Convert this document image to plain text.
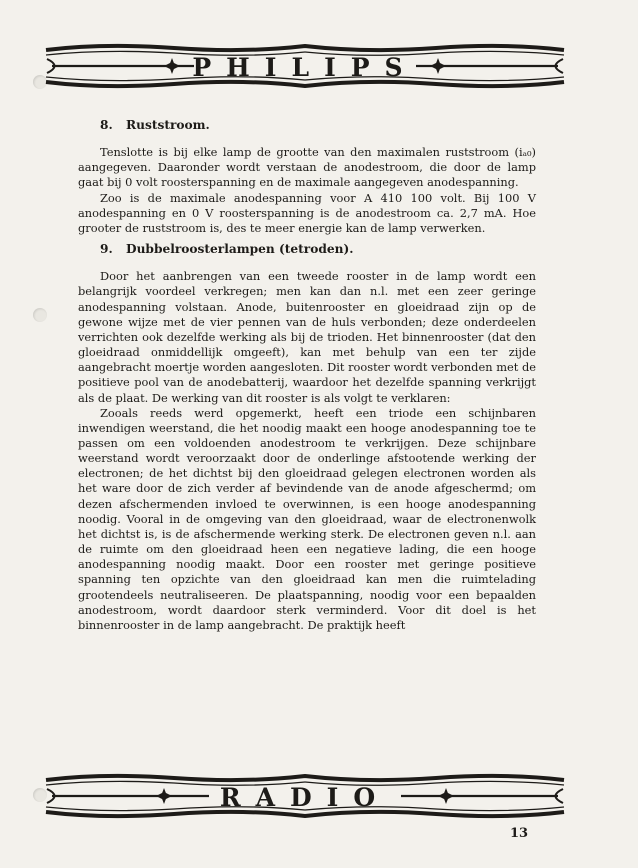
PHILIPS
8. Ruststroom.

Tenslotte is bij elke lamp de grootte van den maximalen ruststroom (iₐ₀) aangegeven. Daaronder wordt verstaan de anodestroom, die door de lamp gaat bij 0 volt roosterspanning en de maximale aangegeven anodespanning.

Zoo is de maximale anodespanning voor A 410 100 volt. Bij 100 V anodespanning en 0 V roosterspanning is de anodestroom ca. 2,7 mA. Hoe grooter de ruststroom is, des te meer energie kan de lamp verwerken.

9. Dubbelroosterlampen (tetroden).

Door het aanbrengen van een tweede rooster in de lamp wordt een belangrijk voordeel verkregen; men kan dan n.l. met een zeer geringe anodespanning volstaan. Anode, buitenrooster en gloeidraad zijn op de gewone wijze met de vier pennen van de huls verbonden; deze onderdeelen verrichten ook dezelfde werking als bij de trioden. Het binnenrooster (dat den gloeidraad onmiddellijk omgeeft), kan met behulp van een ter zijde aangebracht moertje worden aangesloten. Dit rooster wordt verbonden met de positieve pool van de anodebatterij, waardoor het dezelfde spanning verkrijgt als de plaat. De werking van dit rooster is als volgt te verklaren:

Zooals reeds werd opgemerkt, heeft een triode een schijnbaren inwendigen weerstand, die het noodig maakt een hooge anodespanning toe te passen om een voldoenden anodestroom te verkrijgen. Deze schijnbare weerstand wordt veroorzaakt door de onderlinge afstootende werking der electronen; de het dichtst bij den gloeidraad gelegen electronen worden als het ware door de zich verder af bevindende van de anode afgeschermd; om dezen afschermenden invloed te overwinnen, is een hooge anodespanning noodig. Vooral in de omgeving van den gloeidraad, waar de electronenwolk het dichtst is, is de afschermende werking sterk. De electronen geven n.l. aan de ruimte om den gloeidraad heen een negatieve lading, die een hooge anodespanning noodig maakt. Door een rooster met geringe positieve spanning ten opzichte van den gloeidraad kan men die ruimtelading grootendeels neutraliseeren. De plaatspanning, noodig voor een bepaalden anodestroom, wordt daardoor sterk verminderd. Voor dit doel is het binnenrooster in de lamp aangebracht. De praktijk heeft

RADIO
13
